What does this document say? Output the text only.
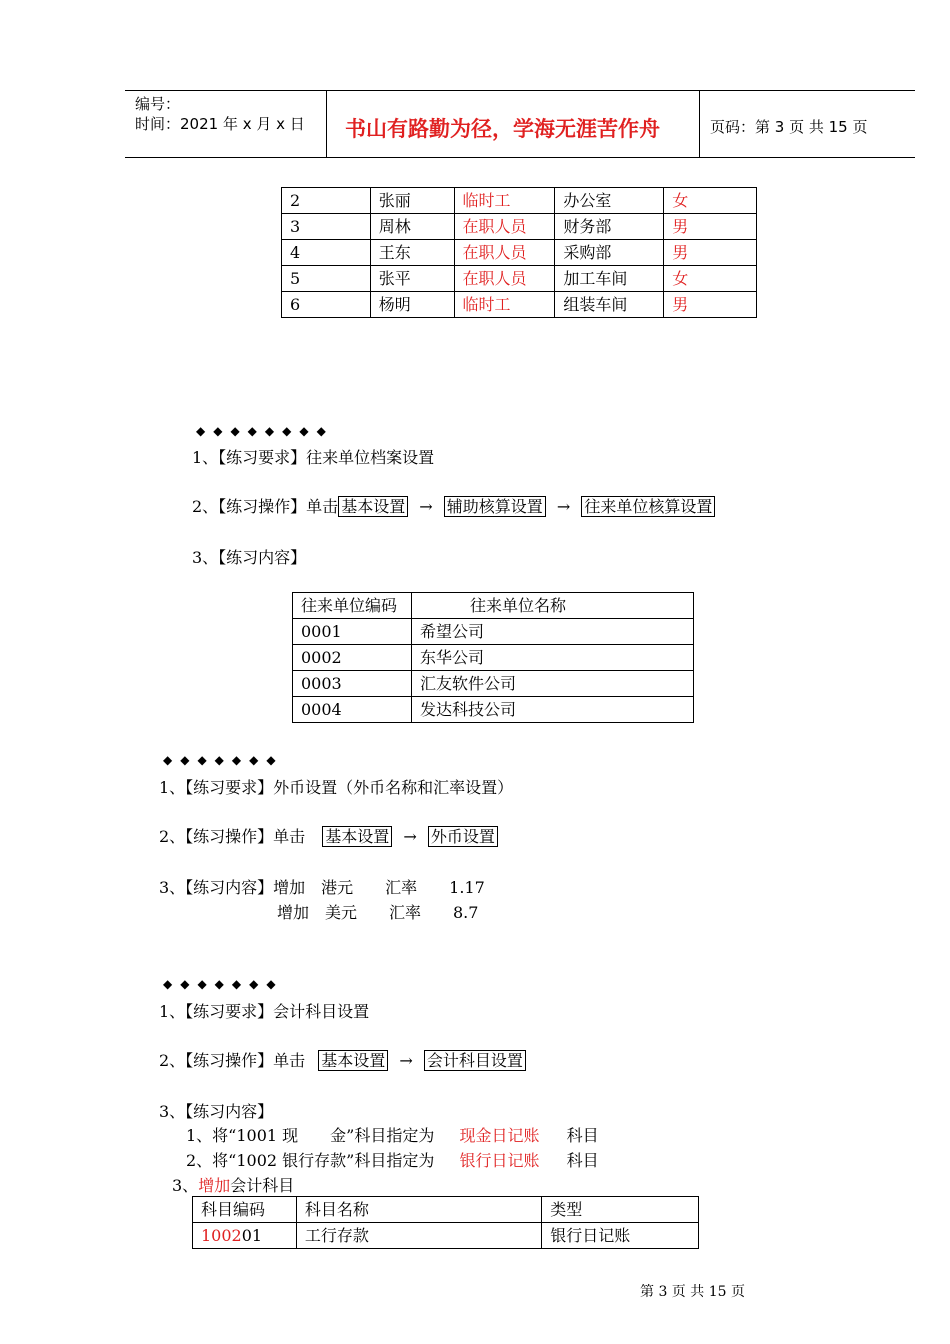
编号：
时间：2021 年 x 月 x 日 书山有路勤为径，学海无涯苦作舟	页码：第 3 页 共 15 页
2	张丽	临时工	办公室	女
3	周林	在职人员	财务部	男
4	王东	在职人员	采购部	男
5	张平	在职人员	加工车间	女
6	杨明	临时工	组装车间	男
◆◆◆◆◆◆◆◆
1、【练习要求】往来单位档案设置
2、【练习操作】单击 基本设置 → 辅助核算设置 → 往来单位核算设置
3、【练习内容】
往来单位编码	往来单位名称
0001	希望公司
0002	东华公司
0003	汇友软件公司
0004	发达科技公司
◆◆◆◆◆◆◆
1、【练习要求】外币设置（外币名称和汇率设置）
2、【练习操作】单击 基本设置 → 外币设置
3、【练习内容】增加　港元　　汇率　　1.17
增加　美元　　汇率　　8.7
◆◆◆◆◆◆◆
1、【练习要求】会计科目设置
2、【练习操作】单击 基本设置 → 会计科目设置
3、【练习内容】
1、将“1001 现　　金”科目指定为 现金日记账 科目
2、将“1002 银行存款”科目指定为 银行日记账 科目
3、增加会计科目
科目编码	科目名称	类型
100201	工行存款	银行日记账
第 3 页 共 15 页
